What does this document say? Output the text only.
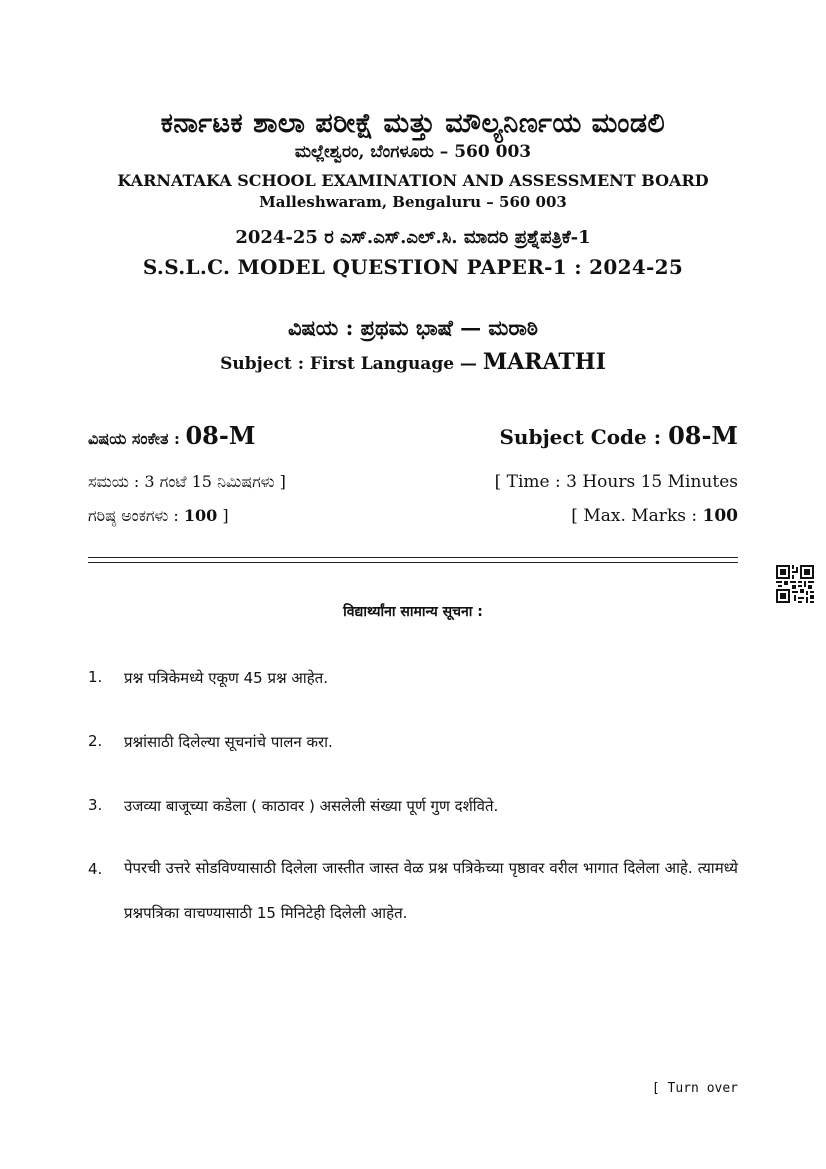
ಕರ್ನಾಟಕ ಶಾಲಾ ಪರೀಕ್ಷೆ ಮತ್ತು ಮೌಲ್ಯನಿರ್ಣಯ ಮಂಡಲಿ
ಮಲ್ಲೇಶ್ವರಂ, ಬೆಂಗಳೂರು – 560 003
KARNATAKA SCHOOL EXAMINATION AND ASSESSMENT BOARD
Malleshwaram, Bengaluru – 560 003
2024-25 ರ ಎಸ್.ಎಸ್.ಎಲ್.ಸಿ. ಮಾದರಿ ಪ್ರಶ್ನೆಪತ್ರಿಕೆ-1
S.S.L.C. MODEL QUESTION PAPER-1 : 2024-25
ವಿಷಯ : ಪ್ರಥಮ ಭಾಷೆ — ಮರಾಠಿ
Subject : First Language — MARATHI
ವಿಷಯ ಸಂಕೇತ : 08-M	Subject Code : 08-M
ಸಮಯ : 3 ಗಂಟೆ 15 ನಿಮಿಷಗಳು ]	[ Time : 3 Hours 15 Minutes
ಗರಿಷ್ಠ ಅಂಕಗಳು : 100 ]	[ Max. Marks : 100
विद्यार्थ्यांना सामान्य सूचना :
1.	प्रश्न पत्रिकेमध्ये एकूण 45 प्रश्न आहेत.
2.	प्रश्नांसाठी दिलेल्या सूचनांचे पालन करा.
3.	उजव्या बाजूच्या कडेला ( काठावर ) असलेली संख्या पूर्ण गुण दर्शविते.
4.	पेपरची उत्तरे सोडविण्यासाठी दिलेला जास्तीत जास्त वेळ प्रश्न पत्रिकेच्या पृष्ठावर वरील भागात दिलेला आहे. त्यामध्ये प्रश्नपत्रिका वाचण्यासाठी 15 मिनिटेही दिलेली आहेत.
[ Turn over
